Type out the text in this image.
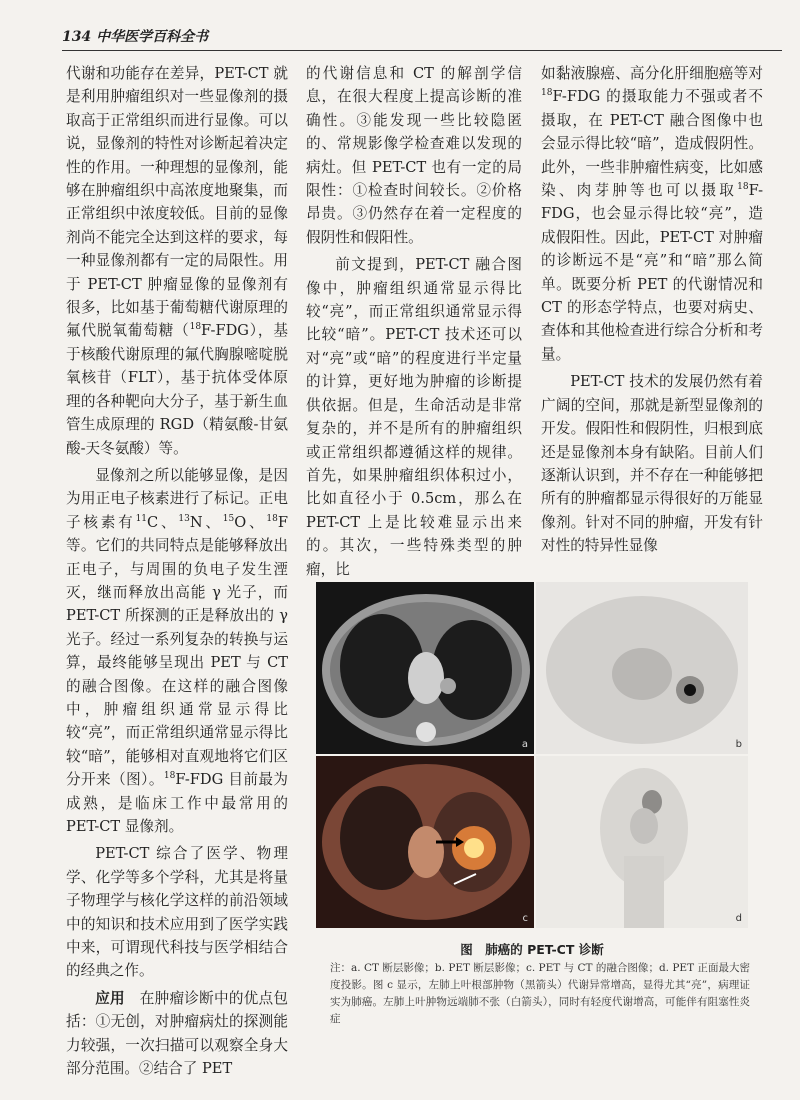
134 中华医学百科全书

代谢和功能存在差异，PET-CT 就是利用肿瘤组织对一些显像剂的摄取高于正常组织而进行显像。可以说，显像剂的特性对诊断起着决定性的作用。一种理想的显像剂，能够在肿瘤组织中高浓度地聚集，而正常组织中浓度较低。目前的显像剂尚不能完全达到这样的要求，每一种显像剂都有一定的局限性。用于 PET-CT 肿瘤显像的显像剂有很多，比如基于葡萄糖代谢原理的氟代脱氧葡萄糖（$^{18}$F-FDG），基于核酸代谢原理的氟代胸腺嘧啶脱氧核苷（FLT），基于抗体受体原理的各种靶向大分子，基于新生血管生成原理的 RGD（精氨酸-甘氨酸-天冬氨酸）等。

显像剂之所以能够显像，是因为用正电子核素进行了标记。正电子核素有$^{11}$C、$^{13}$N、$^{15}$O、$^{18}$F 等。它们的共同特点是能够释放出正电子，与周围的负电子发生湮灭，继而释放出高能 γ 光子，而 PET-CT 所探测的正是释放出的 γ 光子。经过一系列复杂的转换与运算，最终能够呈现出 PET 与 CT 的融合图像。在这样的融合图像中，肿瘤组织通常显示得比较“亮”，而正常组织通常显示得比较“暗”，能够相对直观地将它们区分开来（图）。$^{18}$F-FDG 目前最为成熟，是临床工作中最常用的 PET-CT 显像剂。

PET-CT 综合了医学、物理学、化学等多个学科，尤其是将量子物理学与核化学这样的前沿领域中的知识和技术应用到了医学实践中来，可谓现代科技与医学相结合的经典之作。

应用　 在肿瘤诊断中的优点包括：①无创，对肿瘤病灶的探测能力较强，一次扫描可以观察全身大部分范围。②结合了 PET

的代谢信息和 CT 的解剖学信息，在很大程度上提高诊断的准确性。③能发现一些比较隐匿的、常规影像学检查难以发现的病灶。但 PET-CT 也有一定的局限性：①检查时间较长。②价格昂贵。③仍然存在着一定程度的假阴性和假阳性。

前文提到，PET-CT 融合图像中，肿瘤组织通常显示得比较“亮”，而正常组织通常显示得比较“暗”。PET-CT 技术还可以对“亮”或“暗”的程度进行半定量的计算，更好地为肿瘤的诊断提供依据。但是，生命活动是非常复杂的，并不是所有的肿瘤组织或正常组织都遵循这样的规律。首先，如果肿瘤组织体积过小，比如直径小于 0.5cm，那么在 PET-CT 上是比较难显示出来的。其次，一些特殊类型的肿瘤，比

如黏液腺癌、高分化肝细胞癌等对$^{18}$F-FDG 的摄取能力不强或者不摄取，在 PET-CT 融合图像中也会显示得比较“暗”，造成假阴性。此外，一些非肿瘤性病变，比如感染、肉芽肿等也可以摄取$^{18}$F-FDG，也会显示得比较“亮”，造成假阳性。因此，PET-CT 对肿瘤的诊断远不是“亮”和“暗”那么简单。既要分析 PET 的代谢情况和 CT 的形态学特点，也要对病史、查体和其他检查进行综合分析和考量。

PET-CT 技术的发展仍然有着广阔的空间，那就是新型显像剂的开发。假阳性和假阴性，归根到底还是显像剂本身有缺陷。目前人们逐渐认识到，并不存在一种能够把所有的肿瘤都显示得很好的万能显像剂。针对不同的肿瘤，开发有针对性的特异性显像

a	b
c	d
图　肺癌的 PET-CT 诊断
注：a. CT 断层影像；b. PET 断层影像；c. PET 与 CT 的融合图像；d. PET 正面最大密度投影。图 c 显示，左肺上叶根部肿物（黑箭头）代谢异常增高，显得尤其“亮”，病理证实为肺癌。左肺上叶肿物远端肺不张（白箭头），同时有轻度代谢增高，可能伴有阻塞性炎症
